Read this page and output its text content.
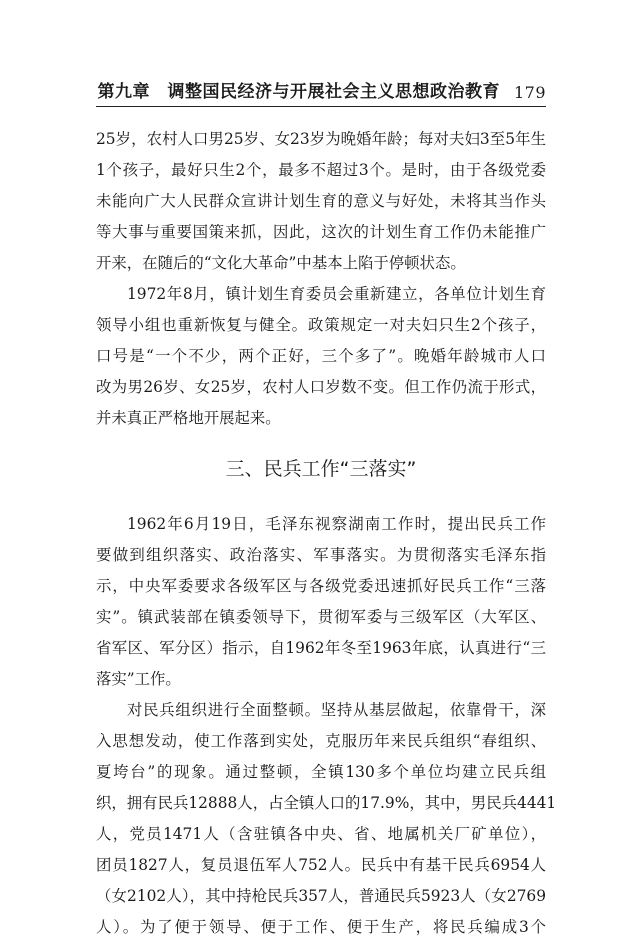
第九章　调整国民经济与开展社会主义思想政治教育 179
25岁，农村人口男25岁、女23岁为晚婚年龄；每对夫妇3至5年生
1个孩子，最好只生2个，最多不超过3个。是时，由于各级党委
未能向广大人民群众宣讲计划生育的意义与好处，未将其当作头
等大事与重要国策来抓，因此，这次的计划生育工作仍未能推广
开来，在随后的“文化大革命”中基本上陷于停顿状态。
1972年8月，镇计划生育委员会重新建立，各单位计划生育
领导小组也重新恢复与健全。政策规定一对夫妇只生2个孩子，
口号是“一个不少，两个正好，三个多了”。晚婚年龄城市人口
改为男26岁、女25岁，农村人口岁数不变。但工作仍流于形式，
并未真正严格地开展起来。
三、民兵工作“三落实”
1962年6月19日，毛泽东视察湖南工作时，提出民兵工作
要做到组织落实、政治落实、军事落实。为贯彻落实毛泽东指
示，中央军委要求各级军区与各级党委迅速抓好民兵工作“三落
实”。镇武装部在镇委领导下，贯彻军委与三级军区（大军区、
省军区、军分区）指示，自1962年冬至1963年底，认真进行“三
落实”工作。
对民兵组织进行全面整顿。坚持从基层做起，依靠骨干，深
入思想发动，使工作落到实处，克服历年来民兵组织“春组织、
夏垮台”的现象。通过整顿，全镇130多个单位均建立民兵组
织，拥有民兵12888人，占全镇人口的17.9%，其中，男民兵4441
人，党员1471人（含驻镇各中央、省、地属机关厂矿单位），
团员1827人，复员退伍军人752人。民兵中有基干民兵6954人
（女2102人），其中持枪民兵357人，普通民兵5923人（女2769
人）。为了便于领导、便于工作、便于生产，将民兵编成3个
